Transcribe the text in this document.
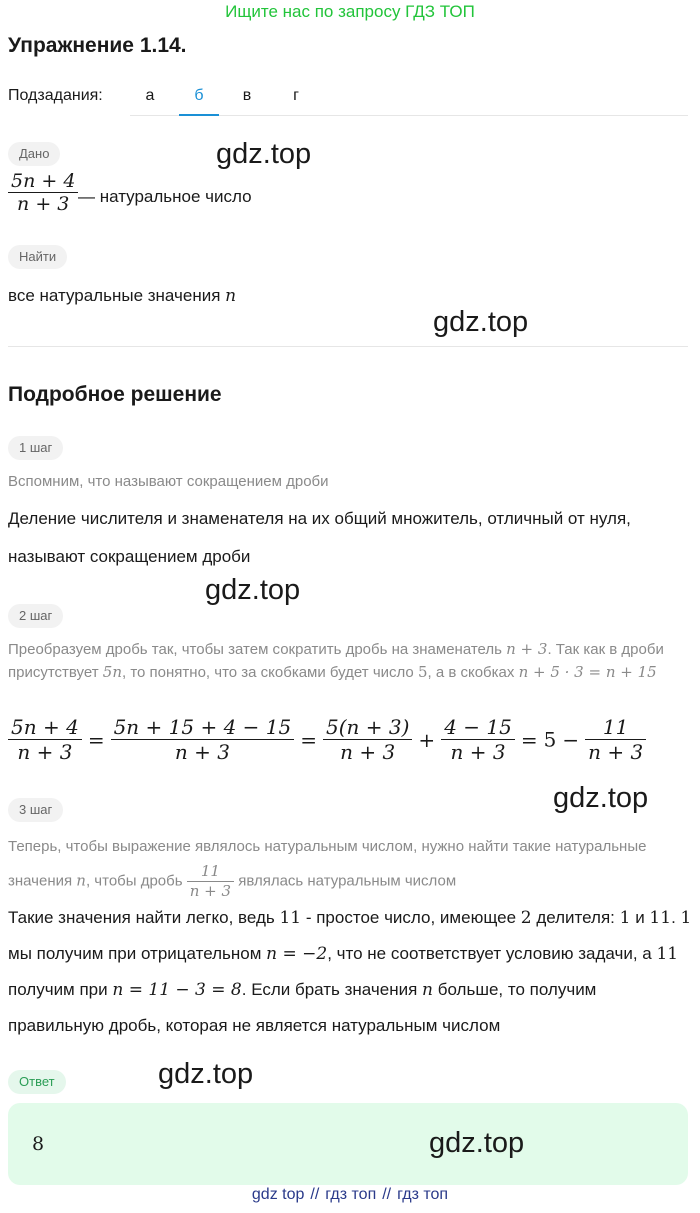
Ищите нас по запросу ГДЗ ТОП
Упражнение 1.14.
Подзадания:	а	б	в	г
Дано	gdz.top
$\frac{5n + 4}{n + 3}$ — натуральное число
Найти
все натуральные значения n
gdz.top
Подробное решение
1 шаг
Вспомним, что называют сокращением дроби
Деление числителя и знаменателя на их общий множитель, отличный от нуля, называют сокращением дроби
gdz.top
2 шаг
Преобразуем дробь так, чтобы затем сократить дробь на знаменатель n + 3. Так как в дроби присутствует 5n, то понятно, что за скобками будет число 5, а в скобках n + 5 · 3 = n + 15
$\frac{5n + 4}{n + 3} = \frac{5n + 15 + 4 - 15}{n + 3} = \frac{5(n + 3)}{n + 3} + \frac{4 - 15}{n + 3} = 5 - \frac{11}{n + 3}$
gdz.top
3 шаг
Теперь, чтобы выражение являлось натуральным числом, нужно найти такие натуральные значения n, чтобы дробь $\frac{11}{n + 3}$ являлась натуральным числом
Такие значения найти легко, ведь 11 - простое число, имеющее 2 делителя: 1 и 11. 1 мы получим при отрицательном n = −2, что не соответствует условию задачи, а 11 получим при n = 11 − 3 = 8. Если брать значения n больше, то получим правильную дробь, которая не является натуральным числом
Ответ	gdz.top
8	gdz.top
gdz top // гдз топ // гдз топ
